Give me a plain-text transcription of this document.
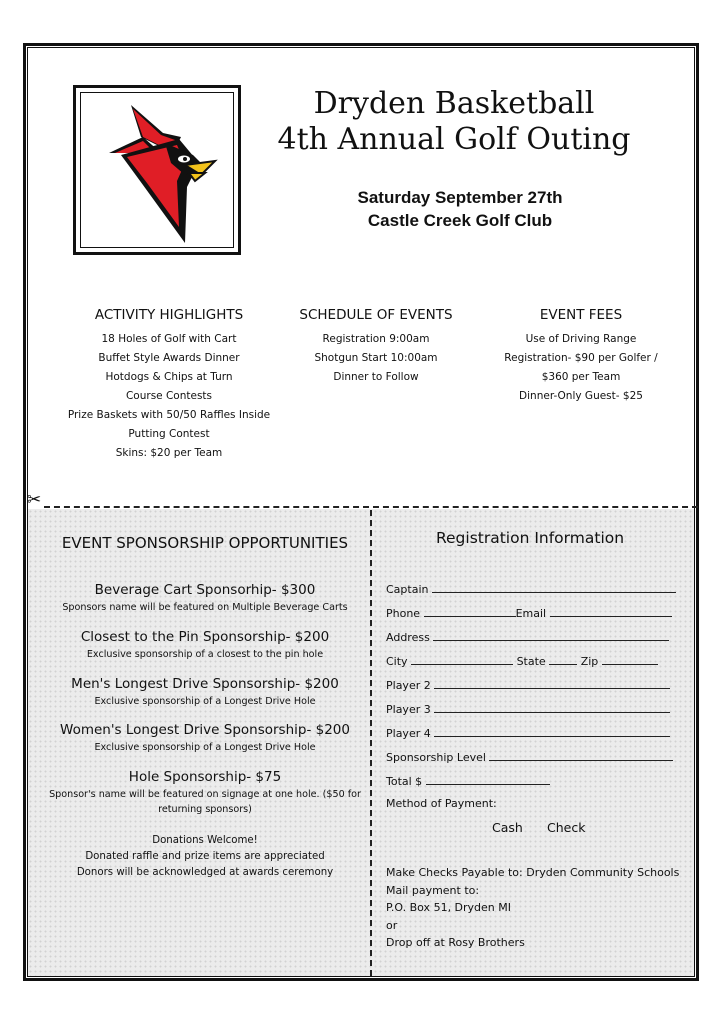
Dryden Basketball
4th Annual Golf Outing
Saturday September 27th
Castle Creek Golf Club
ACTIVITY HIGHLIGHTS
18 Holes of Golf with Cart
Buffet Style Awards Dinner
Hotdogs & Chips at Turn
Course Contests
Prize Baskets with 50/50 Raffles Inside
Putting Contest
Skins: $20 per Team
SCHEDULE OF EVENTS
Registration 9:00am
Shotgun Start 10:00am
Dinner to Follow
EVENT FEES
Use of Driving Range
Registration- $90 per Golfer /
$360 per Team
Dinner-Only Guest- $25
✂
EVENT SPONSORSHIP OPPORTUNITIES
Beverage Cart Sponsorhip- $300
Sponsors name will be featured on Multiple Beverage Carts
Closest to the Pin Sponsorship- $200
Exclusive sponsorship of a closest to the pin hole
Men's Longest Drive Sponsorship- $200
Exclusive sponsorship of a Longest Drive Hole
Women's Longest Drive Sponsorship- $200
Exclusive sponsorship of a Longest Drive Hole
Hole Sponsorship- $75
Sponsor's name will be featured on signage at one hole. ($50 for
returning sponsors)
Donations Welcome!
Donated raffle and prize items are appreciated
Donors will be acknowledged at awards ceremony
Registration Information
Captain
Phone	Email
Address
City	State	Zip
Player 2
Player 3
Player 4
Sponsorship Level
Total $
Method of Payment:
Cash Check
Make Checks Payable to: Dryden Community Schools
Mail payment to:
P.O. Box 51, Dryden MI
or
Drop off at Rosy Brothers
